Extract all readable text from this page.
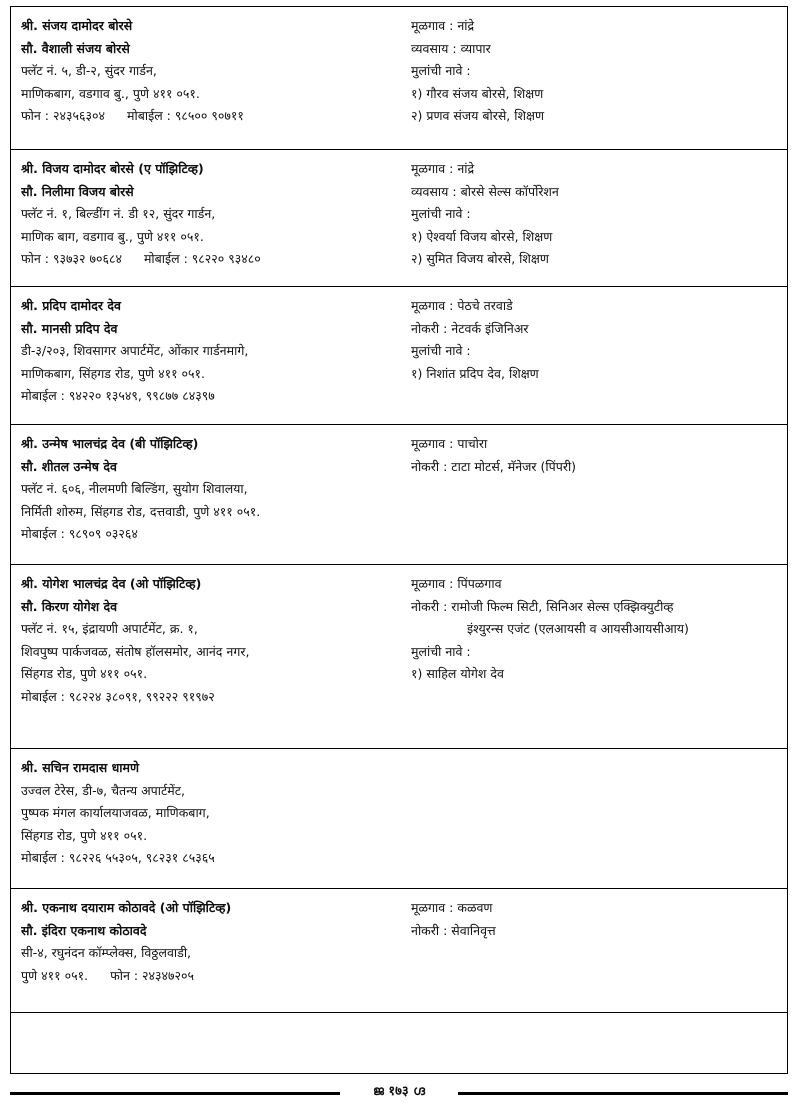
श्री. संजय दामोदर बोरसे
सौ. वैशाली संजय बोरसे
फ्लॅट नं. ५, डी-२, सुंदर गार्डन,
माणिकबाग, वडगाव बु., पुणे ४११ ०५१.
फोन : २४३५६३०४ मोबाईल : ९८५०० ९०७११
मूळगाव : नांद्रे
व्यवसाय : व्यापार
मुलांची नावे :
१) गौरव संजय बोरसे, शिक्षण
२) प्रणव संजय बोरसे, शिक्षण
श्री. विजय दामोदर बोरसे (ए पॉझिटिव्ह)
सौ. निलीमा विजय बोरसे
फ्लॅट नं. १, बिल्डींग नं. डी १२, सुंदर गार्डन,
माणिक बाग, वडगाव बु., पुणे ४११ ०५१.
फोन : ९३७३२ ७०६८४ मोबाईल : ९८२२० ९३४८०
मूळगाव : नांद्रे
व्यवसाय : बोरसे सेल्स कॉर्पोरेशन
मुलांची नावे :
१) ऐश्वर्या विजय बोरसे, शिक्षण
२) सुमित विजय बोरसे, शिक्षण
श्री. प्रदिप दामोदर देव
सौ. मानसी प्रदिप देव
डी-३/२०३, शिवसागर अपार्टमेंट, ओंकार गार्डनमागे,
माणिकबाग, सिंहगड रोड, पुणे ४११ ०५१.
मोबाईल : ९४२२० १३५४९, ९९८७७ ८४३९७
मूळगाव : पेठचे तरवाडे
नोकरी : नेटवर्क इंजिनिअर
मुलांची नावे :
१) निशांत प्रदिप देव, शिक्षण
श्री. उन्मेष भालचंद्र देव (बी पॉझिटिव्ह)
सौ. शीतल उन्मेष देव
फ्लॅट नं. ६०६, नीलमणी बिल्डिंग, सुयोग शिवालया,
निर्मिती शोरुम, सिंहगड रोड, दत्तवाडी, पुणे ४११ ०५१.
मोबाईल : ९८९०९ ०३२६४
मूळगाव : पाचोरा
नोकरी : टाटा मोटर्स, मॅनेजर (पिंपरी)
श्री. योगेश भालचंद्र देव (ओ पॉझिटिव्ह)
सौ. किरण योगेश देव
फ्लॅट नं. १५, इंद्रायणी अपार्टमेंट, क्र. १,
शिवपुष्प पार्कजवळ, संतोष हॉलसमोर, आनंद नगर,
सिंहगड रोड, पुणे ४११ ०५१.
मोबाईल : ९८२२४ ३८०९१, ९९२२२ ९१९७२
मूळगाव : पिंपळगाव
नोकरी : रामोजी फिल्म सिटी, सिनिअर सेल्स एक्झिक्युटीव्ह
इंश्युरन्स एजंट (एलआयसी व आयसीआयसीआय)
मुलांची नावे :
१) साहिल योगेश देव
श्री. सचिन रामदास धामणे
उज्वल टेरेस, डी-७, चैतन्य अपार्टमेंट,
पुष्पक मंगल कार्यालयाजवळ, माणिकबाग,
सिंहगड रोड, पुणे ४११ ०५१.
मोबाईल : ९८२२६ ५५३०५, ९८२३१ ८५३६५
श्री. एकनाथ दयाराम कोठावदे (ओ पॉझिटिव्ह)
सौ. इंदिरा एकनाथ कोठावदे
सी-४, रघुनंदन कॉम्प्लेक्स, विठ्ठलवाडी,
पुणे ४११ ०५१. फोन : २४३४७२०५
मूळगाव : कळवण
नोकरी : सेवानिवृत्त
ജ १७३ ഗ്ദ
